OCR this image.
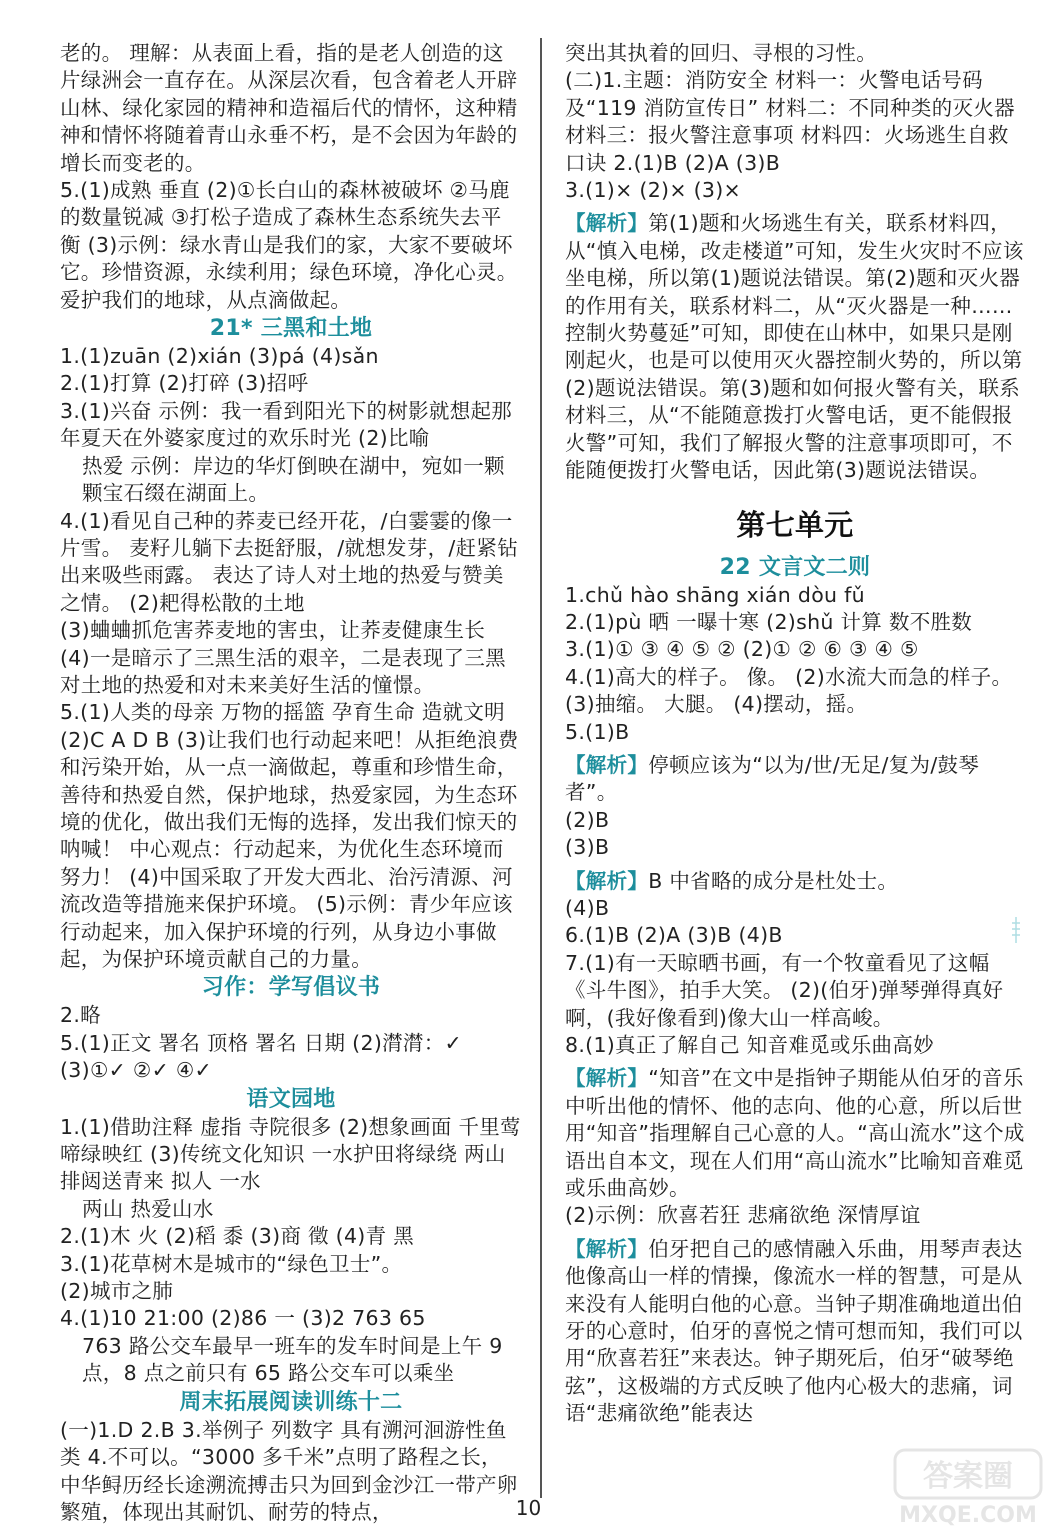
老的。 理解：从表面上看，指的是老人创造的这片绿洲会一直存在。从深层次看，包含着老人开辟山林、绿化家园的精神和造福后代的情怀，这种精神和情怀将随着青山永垂不朽，是不会因为年龄的增长而变老的。
5.(1)成熟 垂直 (2)①长白山的森林被破坏 ②马鹿的数量锐减 ③打松子造成了森林生态系统失去平衡 (3)示例：绿水青山是我们的家，大家不要破坏它。珍惜资源，永续利用；绿色环境，净化心灵。爱护我们的地球，从点滴做起。
21* 三黑和土地
1.(1)zuān (2)xián (3)pá (4)sǎn
2.(1)打算 (2)打碎 (3)招呼
3.(1)兴奋 示例：我一看到阳光下的树影就想起那年夏天在外婆家度过的欢乐时光 (2)比喻
热爱 示例：岸边的华灯倒映在湖中，宛如一颗颗宝石缀在湖面上。
4.(1)看见自己种的荞麦已经开花，/白霎霎的像一片雪。 麦籽儿躺下去挺舒服，/就想发芽，/赶紧钻出来吸些雨露。 表达了诗人对土地的热爱与赞美之情。 (2)耙得松散的土地
(3)蛐蛐抓危害荞麦地的害虫，让荞麦健康生长
(4)一是暗示了三黑生活的艰辛，二是表现了三黑对土地的热爱和对未来美好生活的憧憬。
5.(1)人类的母亲 万物的摇篮 孕育生命 造就文明 (2)C A D B (3)让我们也行动起来吧！从拒绝浪费和污染开始，从一点一滴做起，尊重和珍惜生命，善待和热爱自然，保护地球，热爱家园，为生态环境的优化，做出我们无悔的选择，发出我们惊天的呐喊！ 中心观点：行动起来，为优化生态环境而努力！ (4)中国采取了开发大西北、治污清源、河流改造等措施来保护环境。 (5)示例：青少年应该行动起来，加入保护环境的行列，从身边小事做起，为保护环境贡献自己的力量。
习作：学写倡议书
2.略
5.(1)正文 署名 顶格 署名 日期 (2)潸潸：✓ (3)①✓ ②✓ ④✓
语文园地
1.(1)借助注释 虚指 寺院很多 (2)想象画面 千里莺啼绿映红 (3)传统文化知识 一水护田将绿绕 两山排闼送青来 拟人 一水
两山 热爱山水
2.(1)木 火 (2)稻 黍 (3)商 徵 (4)青 黑
3.(1)花草树木是城市的“绿色卫士”。
(2)城市之肺
4.(1)10 21:00 (2)86 一 (3)2 763 65
763 路公交车最早一班车的发车时间是上午 9 点，8 点之前只有 65 路公交车可以乘坐
周末拓展阅读训练十二
(一)1.D 2.B 3.举例子 列数字 具有溯河洄游性鱼类 4.不可以。“3000 多千米”点明了路程之长，中华鲟历经长途溯流搏击只为回到金沙江一带产卵繁殖，体现出其耐饥、耐劳的特点，
突出其执着的回归、寻根的习性。
(二)1.主题：消防安全 材料一：火警电话号码及“119 消防宣传日” 材料二：不同种类的灭火器 材料三：报火警注意事项 材料四：火场逃生自救口诀 2.(1)B (2)A (3)B
3.(1)× (2)× (3)×
【解析】第(1)题和火场逃生有关，联系材料四，从“慎入电梯，改走楼道”可知，发生火灾时不应该坐电梯，所以第(1)题说法错误。第(2)题和灭火器的作用有关，联系材料二，从“灭火器是一种……控制火势蔓延”可知，即使在山林中，如果只是刚刚起火，也是可以使用灭火器控制火势的，所以第(2)题说法错误。第(3)题和如何报火警有关，联系材料三，从“不能随意拨打火警电话，更不能假报火警”可知，我们了解报火警的注意事项即可，不能随便拨打火警电话，因此第(3)题说法错误。
第七单元
22 文言文二则
1.chǔ hào shāng xián dòu fǔ
2.(1)pù 晒 一曝十寒 (2)shǔ 计算 数不胜数
3.(1)① ③ ④ ⑤ ② (2)① ② ⑥ ③ ④ ⑤
4.(1)高大的样子。 像。 (2)水流大而急的样子。 (3)抽缩。 大腿。 (4)摆动，摇。
5.(1)B
【解析】停顿应该为“以为/世/无足/复为/鼓琴者”。
(2)B
(3)B
【解析】B 中省略的成分是杜处士。
(4)B
6.(1)B (2)A (3)B (4)B
7.(1)有一天晾晒书画，有一个牧童看见了这幅《斗牛图》，拍手大笑。 (2)(伯牙)弹琴弹得真好啊，(我好像看到)像大山一样高峻。
8.(1)真正了解自己 知音难觅或乐曲高妙
【解析】“知音”在文中是指钟子期能从伯牙的音乐中听出他的情怀、他的志向、他的心意，所以后世用“知音”指理解自己心意的人。“高山流水”这个成语出自本文，现在人们用“高山流水”比喻知音难觅或乐曲高妙。
(2)示例：欣喜若狂 悲痛欲绝 深情厚谊
【解析】伯牙把自己的感情融入乐曲，用琴声表达他像高山一样的情操，像流水一样的智慧，可是从来没有人能明白他的心意。当钟子期准确地道出伯牙的心意时，伯牙的喜悦之情可想而知，我们可以用“欣喜若狂”来表达。钟子期死后，伯牙“破琴绝弦”，这极端的方式反映了他内心极大的悲痛，词语“悲痛欲绝”能表达
10
答案圈
MXQE.COM
